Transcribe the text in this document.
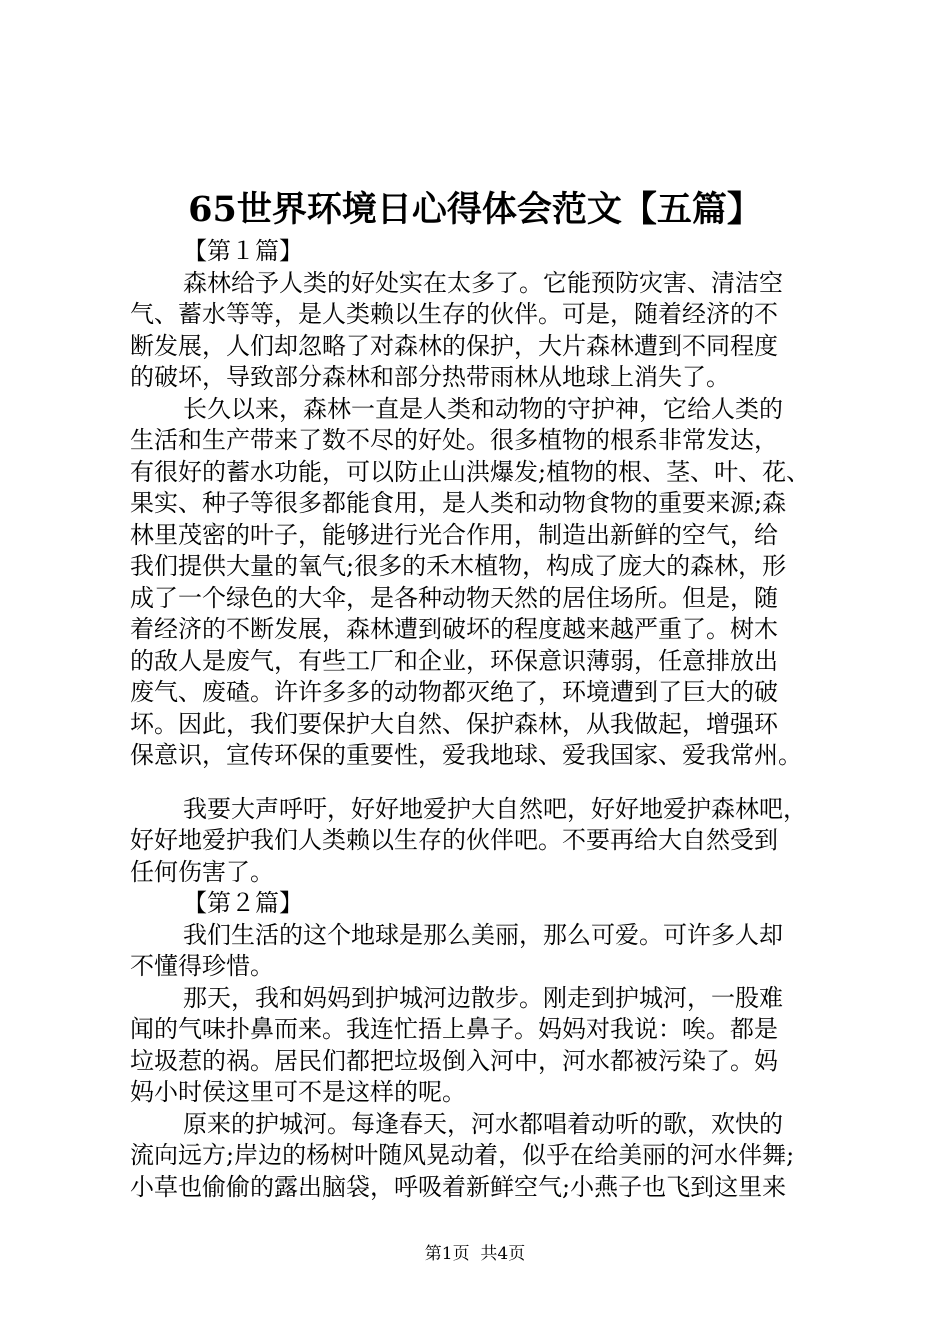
65世界环境日心得体会范文【五篇】
【第１篇】
森林给予人类的好处实在太多了。它能预防灾害、清洁空
气、蓄水等等，是人类赖以生存的伙伴。可是，随着经济的不
断发展，人们却忽略了对森林的保护，大片森林遭到不同程度
的破坏，导致部分森林和部分热带雨林从地球上消失了。
长久以来，森林一直是人类和动物的守护神，它给人类的
生活和生产带来了数不尽的好处。很多植物的根系非常发达，
有很好的蓄水功能，可以防止山洪爆发;植物的根、茎、叶、花、
果实、种子等很多都能食用，是人类和动物食物的重要来源;森
林里茂密的叶子，能够进行光合作用，制造出新鲜的空气，给
我们提供大量的氧气;很多的禾木植物，构成了庞大的森林，形
成了一个绿色的大伞，是各种动物天然的居住场所。但是，随
着经济的不断发展，森林遭到破坏的程度越来越严重了。树木
的敌人是废气，有些工厂和企业，环保意识薄弱，任意排放出
废气、废碴。许许多多的动物都灭绝了，环境遭到了巨大的破
坏。因此，我们要保护大自然、保护森林，从我做起，增强环
保意识，宣传环保的重要性，爱我地球、爱我国家、爱我常州。
我要大声呼吁，好好地爱护大自然吧，好好地爱护森林吧，
好好地爱护我们人类赖以生存的伙伴吧。不要再给大自然受到
任何伤害了。
【第２篇】
我们生活的这个地球是那么美丽，那么可爱。可许多人却
不懂得珍惜。
那天，我和妈妈到护城河边散步。刚走到护城河，一股难
闻的气味扑鼻而来。我连忙捂上鼻子。妈妈对我说：唉。都是
垃圾惹的祸。居民们都把垃圾倒入河中，河水都被污染了。妈
妈小时侯这里可不是这样的呢。
原来的护城河。每逢春天，河水都唱着动听的歌，欢快的
流向远方;岸边的杨树叶随风晃动着，似乎在给美丽的河水伴舞;
小草也偷偷的露出脑袋，呼吸着新鲜空气;小燕子也飞到这里来
第1页  共4页
